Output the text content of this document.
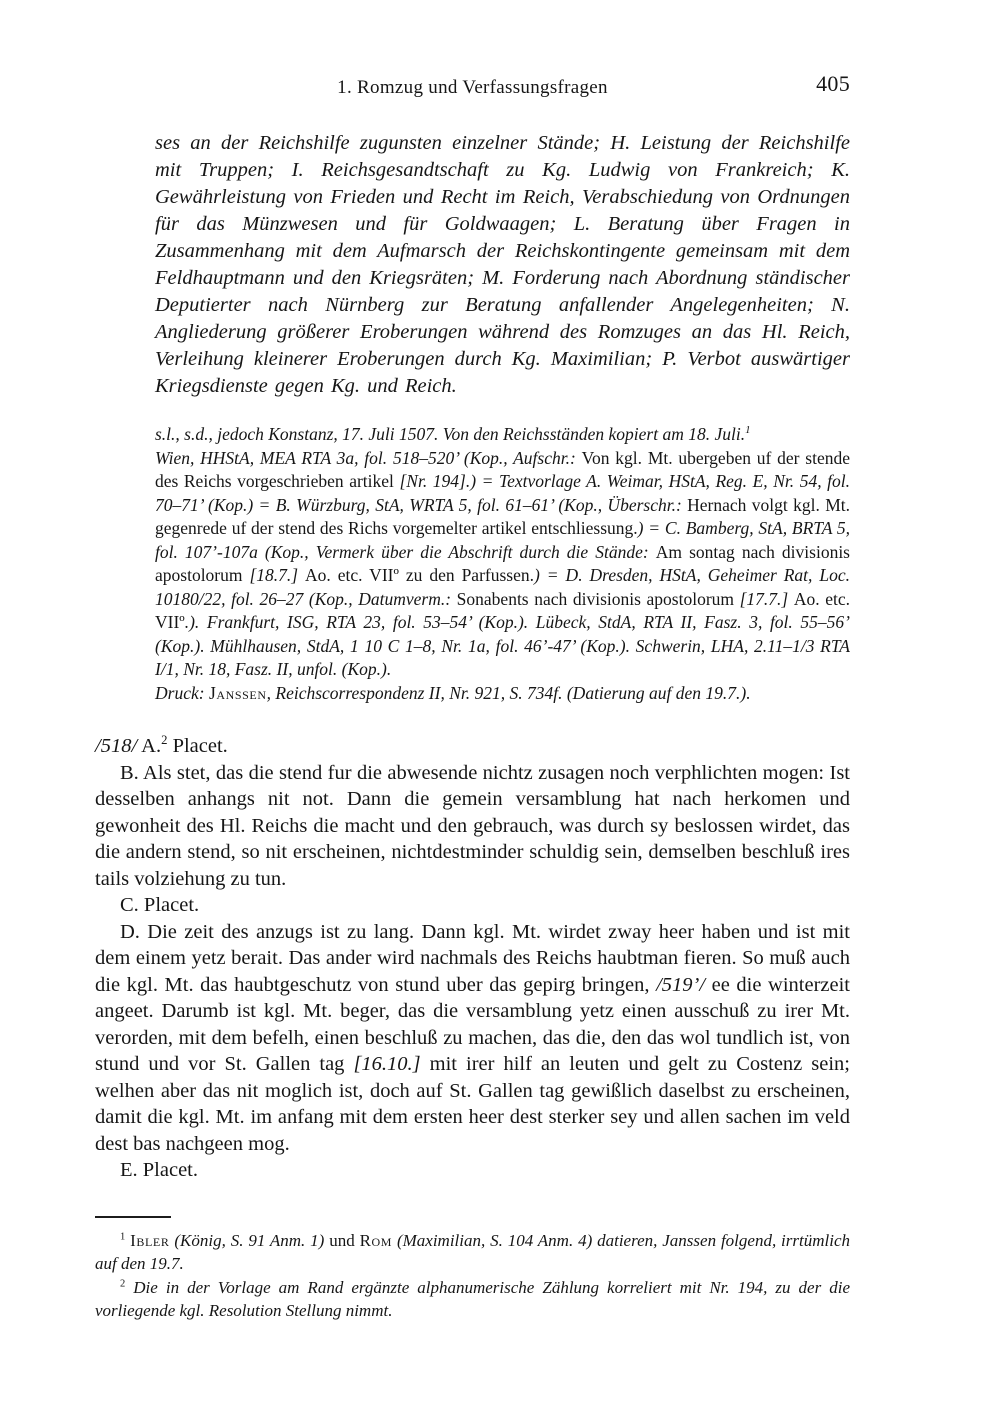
1. Romzug und Verfassungsfragen	405

ses an der Reichshilfe zugunsten einzelner Stände; H. Leistung der Reichshilfe mit Truppen; I. Reichsgesandtschaft zu Kg. Ludwig von Frankreich; K. Gewährleistung von Frieden und Recht im Reich, Verabschiedung von Ordnungen für das Münzwesen und für Goldwaagen; L. Beratung über Fragen in Zusammenhang mit dem Aufmarsch der Reichskontingente gemeinsam mit dem Feldhauptmann und den Kriegsräten; M. Forderung nach Abordnung ständischer Deputierter nach Nürnberg zur Beratung anfallender Angelegenheiten; N. Angliederung größerer Eroberungen während des Romzuges an das Hl. Reich, Verleihung kleinerer Eroberungen durch Kg. Maximilian; P. Verbot auswärtiger Kriegsdienste gegen Kg. und Reich.

s.l., s.d., jedoch Konstanz, 17. Juli 1507. Von den Reichsständen kopiert am 18. Juli.$^1$

Wien, HHStA, MEA RTA 3a, fol. 518–520’ (Kop., Aufschr.: Von kgl. Mt. ubergeben uf der stende des Reichs vorgeschrieben artikel [Nr. 194].) = Textvorlage A. Weimar, HStA, Reg. E, Nr. 54, fol. 70–71’ (Kop.) = B. Würzburg, StA, WRTA 5, fol. 61–61’ (Kop., Überschr.: Hernach volgt kgl. Mt. gegenrede uf der stend des Richs vorgemelter artikel entschliessung.) = C. Bamberg, StA, BRTA 5, fol. 107’-107a (Kop., Vermerk über die Abschrift durch die Stände: Am sontag nach divisionis apostolorum [18.7.] Ao. etc. VIIº zu den Parfussen.) = D. Dresden, HStA, Geheimer Rat, Loc. 10180/22, fol. 26–27 (Kop., Datumverm.: Sonabents nach divisionis apostolorum [17.7.] Ao. etc. VIIº.). Frankfurt, ISG, RTA 23, fol. 53–54’ (Kop.). Lübeck, StdA, RTA II, Fasz. 3, fol. 55–56’ (Kop.). Mühlhausen, StdA, 1 10 C 1–8, Nr. 1a, fol. 46’-47’ (Kop.). Schwerin, LHA, 2.11–1/3 RTA I/1, Nr. 18, Fasz. II, unfol. (Kop.).

Druck: Janssen, Reichscorrespondenz II, Nr. 921, S. 734f. (Datierung auf den 19.7.).

/518/ A.$^2$ Placet.

B. Als stet, das die stend fur die abwesende nichtz zusagen noch verphlichten mogen: Ist desselben anhangs nit not. Dann die gemein versamblung hat nach herkomen und gewonheit des Hl. Reichs die macht und den gebrauch, was durch sy beslossen wirdet, das die andern stend, so nit erscheinen, nichtdestminder schuldig sein, demselben beschluß ires tails volziehung zu tun.

C. Placet.

D. Die zeit des anzugs ist zu lang. Dann kgl. Mt. wirdet zway heer haben und ist mit dem einem yetz berait. Das ander wird nachmals des Reichs haubtman fieren. So muß auch die kgl. Mt. das haubtgeschutz von stund uber das gepirg bringen, /519’/ ee die winterzeit angeet. Darumb ist kgl. Mt. beger, das die versamblung yetz einen ausschuß zu irer Mt. verorden, mit dem befelh, einen beschluß zu machen, das die, den das wol tundlich ist, von stund und vor St. Gallen tag [16.10.] mit irer hilf an leuten und gelt zu Costenz sein; welhen aber das nit moglich ist, doch auf St. Gallen tag gewißlich daselbst zu erscheinen, damit die kgl. Mt. im anfang mit dem ersten heer dest sterker sey und allen sachen im veld dest bas nachgeen mog.

E. Placet.

$^1$ Ibler (König, S. 91 Anm. 1) und Rom (Maximilian, S. 104 Anm. 4) datieren, Janssen folgend, irrtümlich auf den 19.7.

$^2$ Die in der Vorlage am Rand ergänzte alphanumerische Zählung korreliert mit Nr. 194, zu der die vorliegende kgl. Resolution Stellung nimmt.
